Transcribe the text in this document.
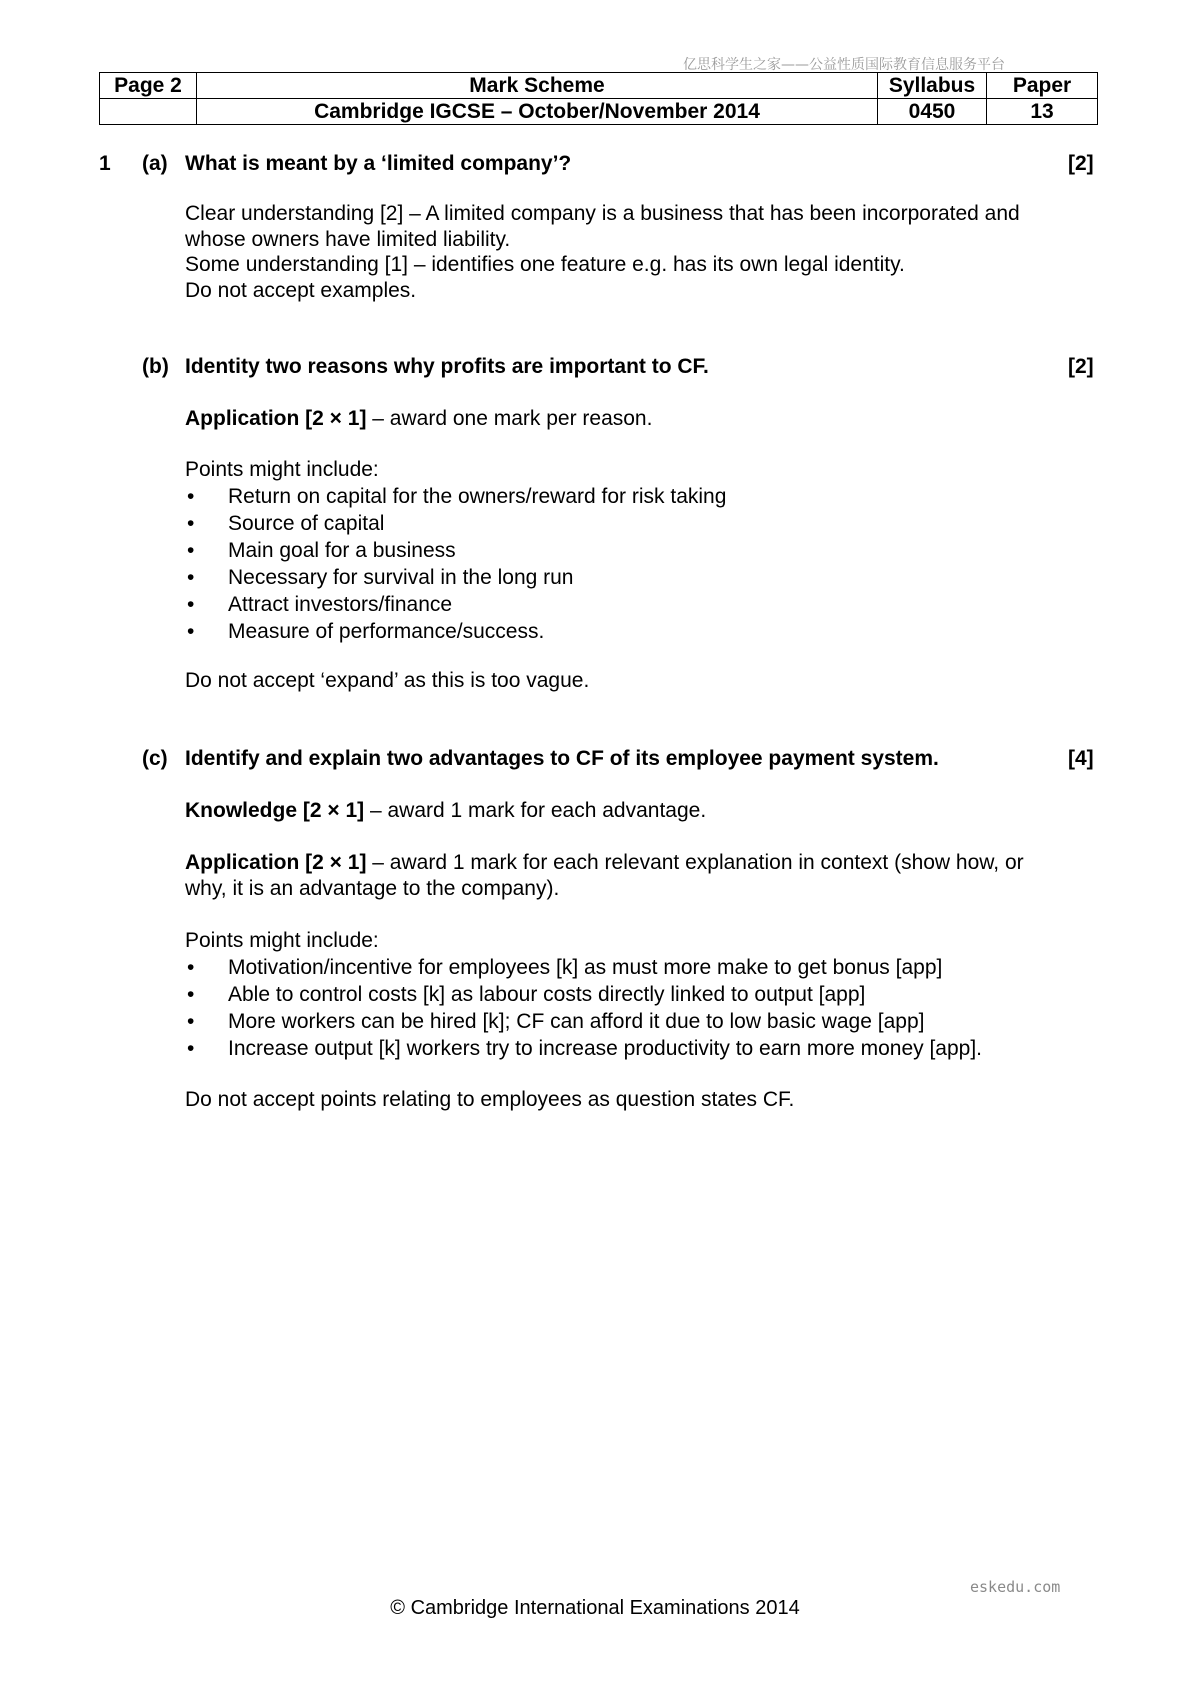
亿思科学生之家——公益性质国际教育信息服务平台
Page 2	Mark Scheme	Syllabus	Paper
	Cambridge IGCSE – October/November 2014	0450	13
1 (a) What is meant by a ‘limited company’?	[2]
Clear understanding [2] – A limited company is a business that has been incorporated and
whose owners have limited liability.
Some understanding [1] – identifies one feature e.g. has its own legal identity.
Do not accept examples.
(b) Identity two reasons why profits are important to CF.	[2]
Application [2 × 1] – award one mark per reason.
Points might include:
• Return on capital for the owners/reward for risk taking
• Source of capital
• Main goal for a business
• Necessary for survival in the long run
• Attract investors/finance
• Measure of performance/success.
Do not accept ‘expand’ as this is too vague.
(c) Identify and explain two advantages to CF of its employee payment system.	[4]
Knowledge [2 × 1] – award 1 mark for each advantage.
Application [2 × 1] – award 1 mark for each relevant explanation in context (show how, or
why, it is an advantage to the company).
Points might include:
• Motivation/incentive for employees [k] as must more make to get bonus [app]
• Able to control costs [k] as labour costs directly linked to output [app]
• More workers can be hired [k]; CF can afford it due to low basic wage [app]
• Increase output [k] workers try to increase productivity to earn more money [app].
Do not accept points relating to employees as question states CF.
eskedu.com
© Cambridge International Examinations 2014
